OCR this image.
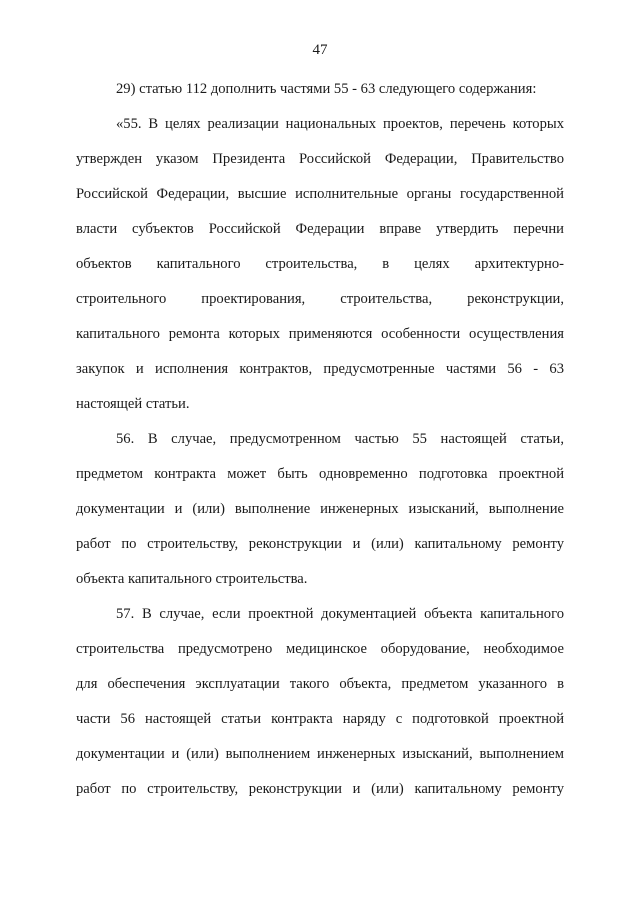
47
29) статью 112 дополнить частями 55 - 63 следующего содержания:
«55. В целях реализации национальных проектов, перечень которых
утвержден указом Президента Российской Федерации, Правительство
Российской Федерации, высшие исполнительные органы государственной
власти субъектов Российской Федерации вправе утвердить перечни
объектов капитального строительства, в целях архитектурно-
строительного проектирования, строительства, реконструкции,
капитального ремонта которых применяются особенности осуществления
закупок и исполнения контрактов, предусмотренные частями 56 - 63
настоящей статьи.
56. В случае, предусмотренном частью 55 настоящей статьи,
предметом контракта может быть одновременно подготовка проектной
документации и (или) выполнение инженерных изысканий, выполнение
работ по строительству, реконструкции и (или) капитальному ремонту
объекта капитального строительства.
57. В случае, если проектной документацией объекта капитального
строительства предусмотрено медицинское оборудование, необходимое
для обеспечения эксплуатации такого объекта, предметом указанного в
части 56 настоящей статьи контракта наряду с подготовкой проектной
документации и (или) выполнением инженерных изысканий, выполнением
работ по строительству, реконструкции и (или) капитальному ремонту
